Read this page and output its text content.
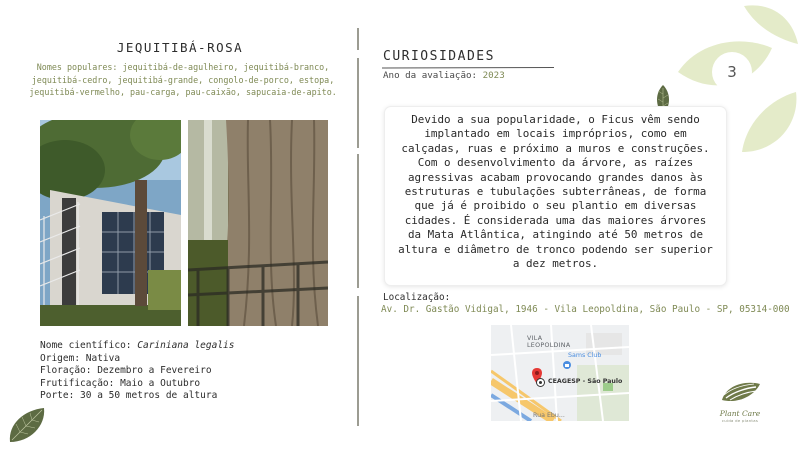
3
JEQUITIBÁ-ROSA
Nomes populares: jequitibá-de-agulheiro, jequitibá-branco, jequitibá-cedro, jequitibá-grande, congolo-de-porco, estopa, jequitibá-vermelho, pau-carga, pau-caixão, sapucaia-de-apito.
Nome científico: Cariniana legalis
Origem: Nativa
Floração: Dezembro a Fevereiro
Frutificação: Maio a Outubro
Porte: 30 a 50 metros de altura
CURIOSIDADES
Ano da avaliação: 2023
Devido a sua popularidade, o Ficus vêm sendo implantado em locais impróprios, como em calçadas, ruas e próximo a muros e construções. Com o desenvolvimento da árvore, as raízes agressivas acabam provocando grandes danos às estruturas e tubulações subterrâneas, de forma que já é proibido o seu plantio em diversas cidades. É considerada uma das maiores árvores da Mata Atlântica, atingindo até 50 metros de altura e diâmetro de tronco podendo ser superior a dez metros.
Localização:
Av. Dr. Gastão Vidigal, 1946 - Vila Leopoldina, São Paulo - SP, 05314-000
VILA LEOPOLDINA
Sams Club
CEAGESP - São Paulo
Rua Ebu...	Plant Care
cuida de plantas
